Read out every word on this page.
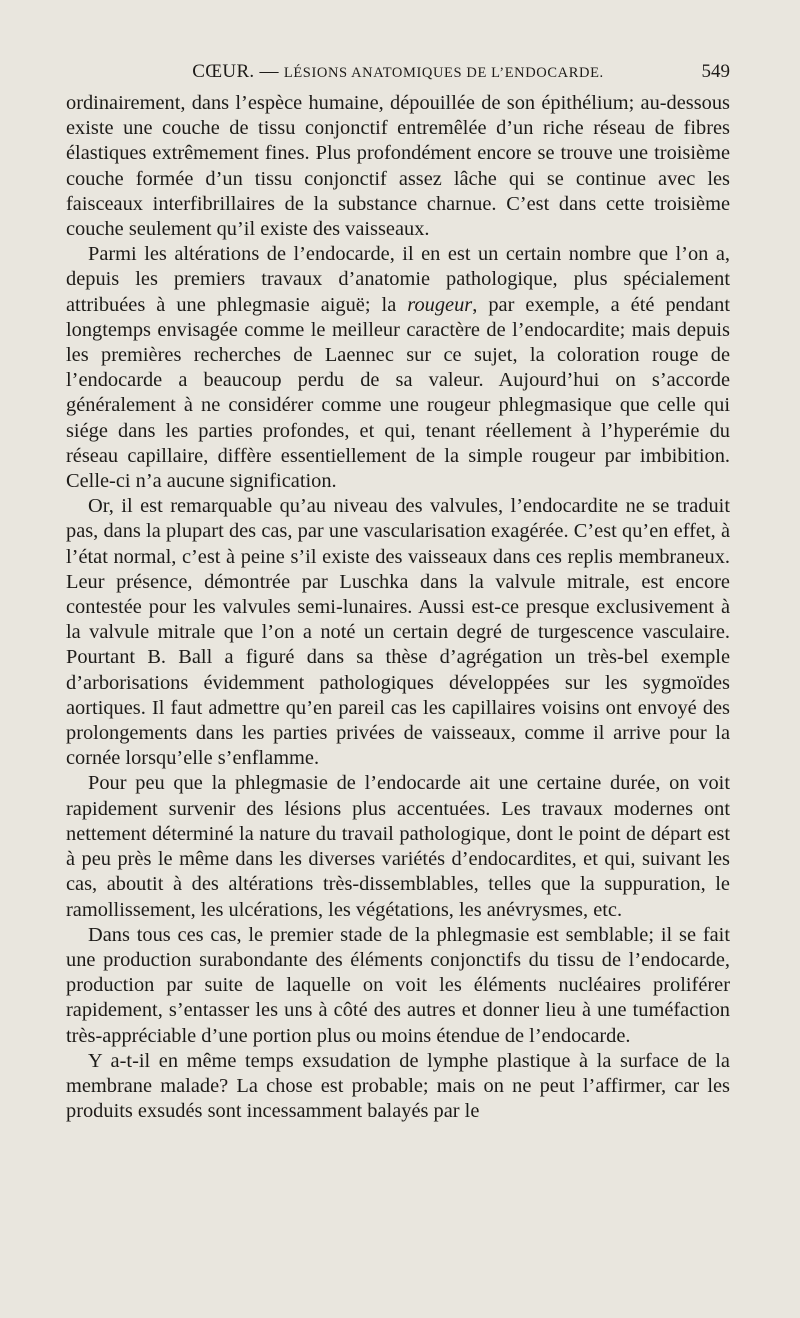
CŒUR. — LÉSIONS ANATOMIQUES DE L’ENDOCARDE.	549

ordinairement, dans l’espèce humaine, dépouillée de son épithélium; au-dessous existe une couche de tissu conjonctif entremêlée d’un riche réseau de fibres élastiques extrêmement fines. Plus profondément encore se trouve une troisième couche formée d’un tissu conjonctif assez lâche qui se continue avec les faisceaux interfibrillaires de la substance charnue. C’est dans cette troisième couche seulement qu’il existe des vaisseaux.

Parmi les altérations de l’endocarde, il en est un certain nombre que l’on a, depuis les premiers travaux d’anatomie pathologique, plus spécialement attribuées à une phlegmasie aiguë; la rougeur, par exemple, a été pendant longtemps envisagée comme le meilleur caractère de l’endocardite; mais depuis les premières recherches de Laennec sur ce sujet, la coloration rouge de l’endocarde a beaucoup perdu de sa valeur. Aujourd’hui on s’accorde généralement à ne considérer comme une rougeur phlegmasique que celle qui siége dans les parties profondes, et qui, tenant réellement à l’hyperémie du réseau capillaire, diffère essentiellement de la simple rougeur par imbibition. Celle-ci n’a aucune signification.

Or, il est remarquable qu’au niveau des valvules, l’endocardite ne se traduit pas, dans la plupart des cas, par une vascularisation exagérée. C’est qu’en effet, à l’état normal, c’est à peine s’il existe des vaisseaux dans ces replis membraneux. Leur présence, démontrée par Luschka dans la valvule mitrale, est encore contestée pour les valvules semi-lunaires. Aussi est-ce presque exclusivement à la valvule mitrale que l’on a noté un certain degré de turgescence vasculaire. Pourtant B. Ball a figuré dans sa thèse d’agrégation un très-bel exemple d’arborisations évidemment pathologiques développées sur les sygmoïdes aortiques. Il faut admettre qu’en pareil cas les capillaires voisins ont envoyé des prolongements dans les parties privées de vaisseaux, comme il arrive pour la cornée lorsqu’elle s’enflamme.

Pour peu que la phlegmasie de l’endocarde ait une certaine durée, on voit rapidement survenir des lésions plus accentuées. Les travaux modernes ont nettement déterminé la nature du travail pathologique, dont le point de départ est à peu près le même dans les diverses variétés d’endocardites, et qui, suivant les cas, aboutit à des altérations très-dissemblables, telles que la suppuration, le ramollissement, les ulcérations, les végétations, les anévrysmes, etc.

Dans tous ces cas, le premier stade de la phlegmasie est semblable; il se fait une production surabondante des éléments conjonctifs du tissu de l’endocarde, production par suite de laquelle on voit les éléments nucléaires proliférer rapidement, s’entasser les uns à côté des autres et donner lieu à une tuméfaction très-appréciable d’une portion plus ou moins étendue de l’endocarde.

Y a-t-il en même temps exsudation de lymphe plastique à la surface de la membrane malade? La chose est probable; mais on ne peut l’affirmer, car les produits exsudés sont incessamment balayés par le
